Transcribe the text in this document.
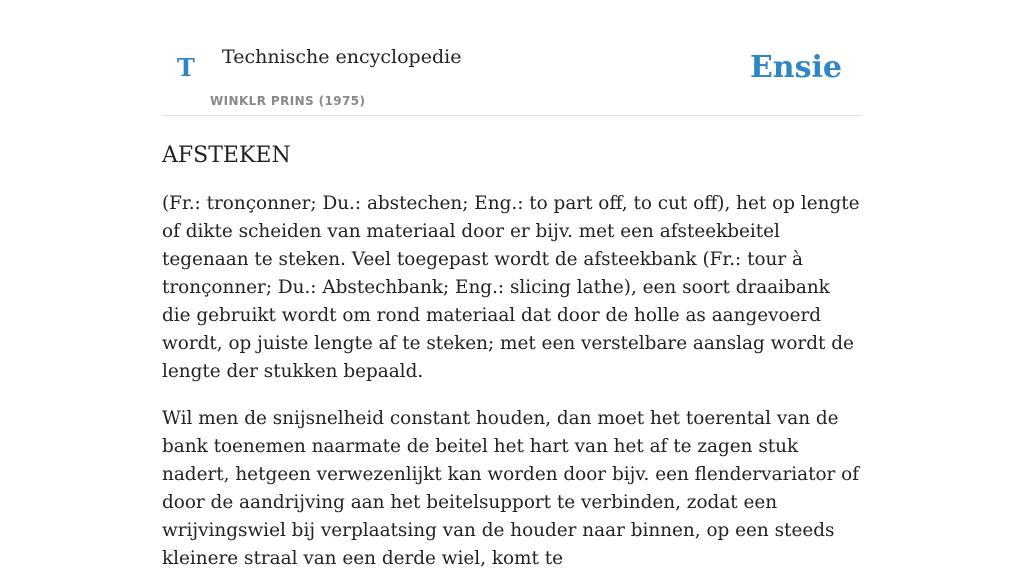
T Technische encyclopedie
WINKLR PRINS (1975)
Ensie
AFSTEKEN

(Fr.: tronçonner; Du.: abstechen; Eng.: to part off, to cut off), het op lengte of dikte scheiden van materiaal door er bijv. met een afsteekbeitel tegenaan te steken. Veel toegepast wordt de afsteekbank (Fr.: tour à tronçonner; Du.: Abstechbank; Eng.: slicing lathe), een soort draaibank die gebruikt wordt om rond materiaal dat door de holle as aangevoerd wordt, op juiste lengte af te steken; met een verstelbare aanslag wordt de lengte der stukken bepaald.

Wil men de snijsnelheid constant houden, dan moet het toerental van de bank toenemen naarmate de beitel het hart van het af te zagen stuk nadert, hetgeen verwezenlijkt kan worden door bijv. een flendervariator of door de aandrijving aan het beitelsupport te verbinden, zodat een wrijvingswiel bij verplaatsing van de houder naar binnen, op een steeds kleinere straal van een derde wiel, komt te
